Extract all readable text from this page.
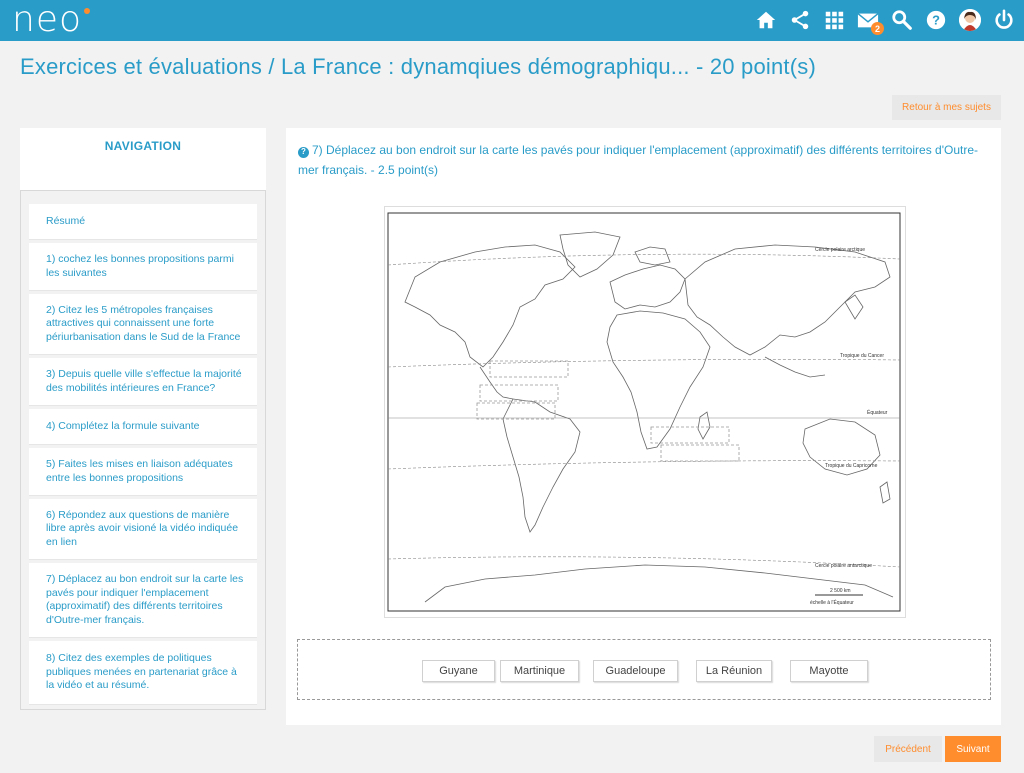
neo	2
?
Exercices et évaluations / La France : dynamqiues démographiqu... - 20 point(s)
Retour à mes sujets
NAVIGATION
Résumé
1) cochez les bonnes propositions parmi les suivantes
2) Citez les 5 métropoles françaises attractives qui connaissent une forte périurbanisation dans le Sud de la France
3) Depuis quelle ville s'effectue la majorité des mobilités intérieures en France?
4) Complétez la formule suivante
5) Faites les mises en liaison adéquates entre les bonnes propositions
6) Répondez aux questions de manière libre après avoir visioné la vidéo indiquée en lien
7) Déplacez au bon endroit sur la carte les pavés pour indiquer l'emplacement (approximatif) des différents territoires d'Outre-mer français.
8) Citez des exemples de politiques publiques menées en partenariat grâce à la vidéo et au résumé.
? 7) Déplacez au bon endroit sur la carte les pavés pour indiquer l'emplacement (approximatif) des différents territoires d'Outre-mer français. - 2.5 point(s)
Cercle polaire arctique
Tropique du Cancer
Équateur
Tropique du Capricorne
Cercle polaire antarctique
2 500 km
échelle à l'Équateur
Guyane	Martinique	Guadeloupe	La Réunion	Mayotte
Précédent	Suivant
